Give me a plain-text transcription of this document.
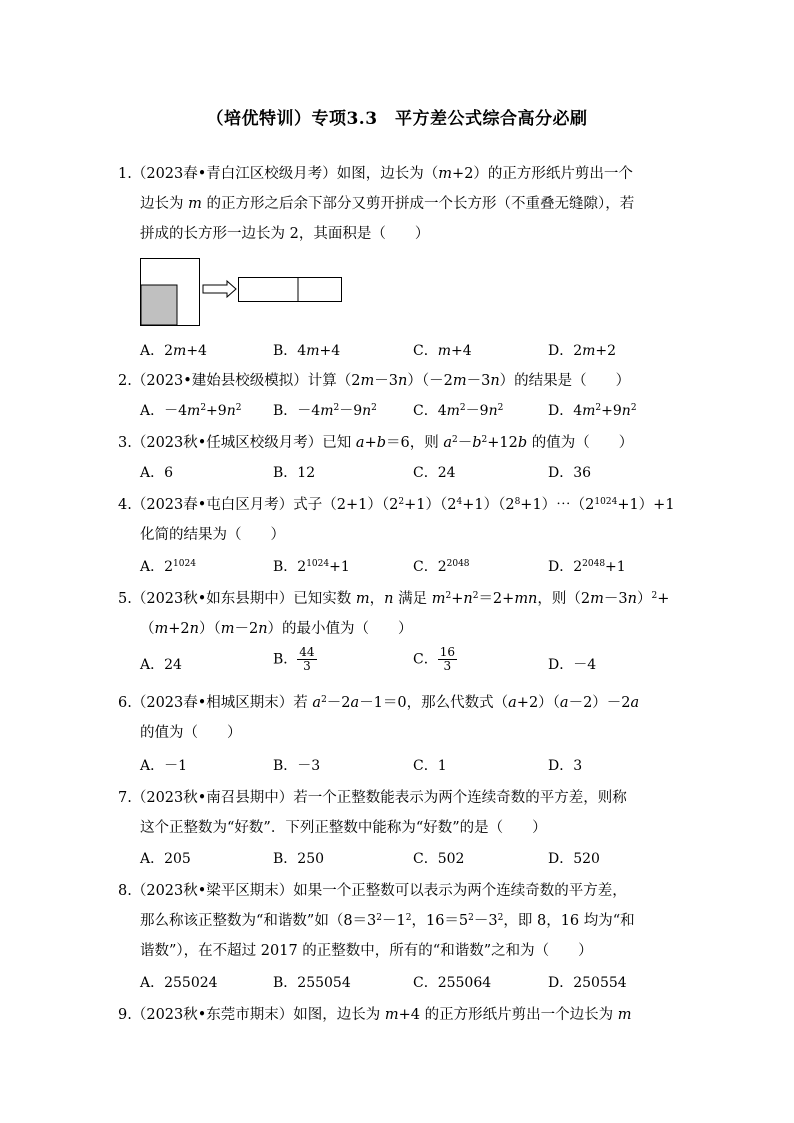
（培优特训）专项3.3　平方差公式综合高分必刷
1.（2023春•青白江区校级月考）如图，边长为（m+2）的正方形纸片剪出一个
边长为 m 的正方形之后余下部分又剪开拼成一个长方形（不重叠无缝隙），若
拼成的长方形一边长为 2，其面积是（　　）
A．2m+4	B．4m+4	C．m+4	D．2m+2
2.（2023•建始县校级模拟）计算（2m－3n）（－2m－3n）的结果是（　　）
A．$-4m^2+9n^2$ B．$-4m^2-9n^2$	C．$4m^2-9n^2$	D．$4m^2+9n^2$
3.（2023秋•任城区校级月考）已知 a+b＝6，则 $a^2-b^2+12b$ 的值为（　　）
A．6	B．12	C．24	D．36
4.（2023春•屯白区月考）式子$(2+1)(2^2+1)(2^4+1)(2^8+1)\cdots(2^{1024}+1)+1$
化简的结果为（　　）
A．$2^{1024}$	B．$2^{1024}+1$	C．$2^{2048}$	D．$2^{2048}+1$
5.（2023秋•如东县期中）已知实数 m，n 满足 $m^2+n^2=2+mn$，则$(2m-3n)^2+$
（m+2n）（m－2n）的最小值为（　　）
A．24	B． $\frac{44}{3}$	C． $\frac{16}{3}$	D．－4
6.（2023春•相城区期末）若 $a^2-2a-1=0$，那么代数式（a+2）（a－2）－2a
的值为（　　）
A．－1	B．－3	C．1	D．3
7.（2023秋•南召县期中）若一个正整数能表示为两个连续奇数的平方差，则称
这个正整数为“好数”．下列正整数中能称为“好数”的是（　　）
A．205	B．250	C．502	D．520
8.（2023秋•梁平区期末）如果一个正整数可以表示为两个连续奇数的平方差，
那么称该正整数为“和谐数”如（$8=3^2-1^2$，$16=5^2-3^2$，即 8，16 均为“和
谐数”），在不超过 2017 的正整数中，所有的“和谐数”之和为（　　）
A．255024	B．255054	C．255064	D．250554
9.（2023秋•东莞市期末）如图，边长为 m+4 的正方形纸片剪出一个边长为 m
